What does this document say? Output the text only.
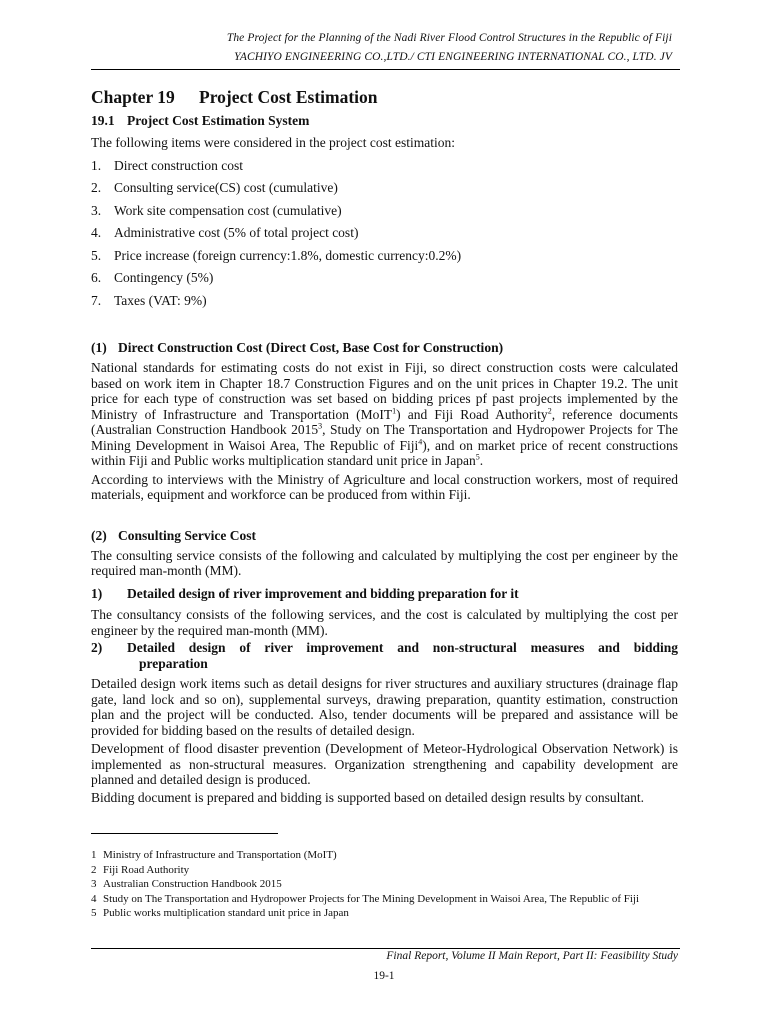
The Project for the Planning of the Nadi River Flood Control Structures in the Republic of Fiji
YACHIYO ENGINEERING CO.,LTD./ CTI ENGINEERING INTERNATIONAL CO., LTD. JV
Chapter 19 Project Cost Estimation
19.1 Project Cost Estimation System

The following items were considered in the project cost estimation:

1. Direct construction cost
2. Consulting service(CS) cost (cumulative)
3. Work site compensation cost (cumulative)
4. Administrative cost (5% of total project cost)
5. Price increase (foreign currency:1.8%, domestic currency:0.2%)
6. Contingency (5%)
7. Taxes (VAT: 9%)
(1) Direct Construction Cost (Direct Cost, Base Cost for Construction)

National standards for estimating costs do not exist in Fiji, so direct construction costs were calculated based on work item in Chapter 18.7 Construction Figures and on the unit prices in Chapter 19.2. The unit price for each type of construction was set based on bidding prices pf past projects implemented by the Ministry of Infrastructure and Transportation (MoIT$^1$) and Fiji Road Authority$^2$, reference documents (Australian Construction Handbook 2015$^3$, Study on The Transportation and Hydropower Projects for The Mining Development in Waisoi Area, The Republic of Fiji$^4$), and on market price of recent constructions within Fiji and Public works multiplication standard unit price in Japan$^5$.

According to interviews with the Ministry of Agriculture and local construction workers, most of required materials, equipment and workforce can be produced from within Fiji.

(2) Consulting Service Cost

The consulting service consists of the following and calculated by multiplying the cost per engineer by the required man-month (MM).

1) Detailed design of river improvement and bidding preparation for it

The consultancy consists of the following services, and the cost is calculated by multiplying the cost per engineer by the required man-month (MM).

2)	Detailed design of river improvement and non-structural measures and bidding
preparation

Detailed design work items such as detail designs for river structures and auxiliary structures (drainage flap gate, land lock and so on), supplemental surveys, drawing preparation, quantity estimation, construction plan and the project will be conducted. Also, tender documents will be prepared and assistance will be provided for bidding based on the results of detailed design.

Development of flood disaster prevention (Development of Meteor-Hydrological Observation Network) is implemented as non-structural measures. Organization strengthening and capability development are planned and detailed design is produced.

Bidding document is prepared and bidding is supported based on detailed design results by consultant.

1 Ministry of Infrastructure and Transportation (MoIT)
2 Fiji Road Authority
3 Australian Construction Handbook 2015
4 Study on The Transportation and Hydropower Projects for The Mining Development in Waisoi Area, The Republic of Fiji
5 Public works multiplication standard unit price in Japan
Final Report, Volume II Main Report, Part II: Feasibility Study
19-1
